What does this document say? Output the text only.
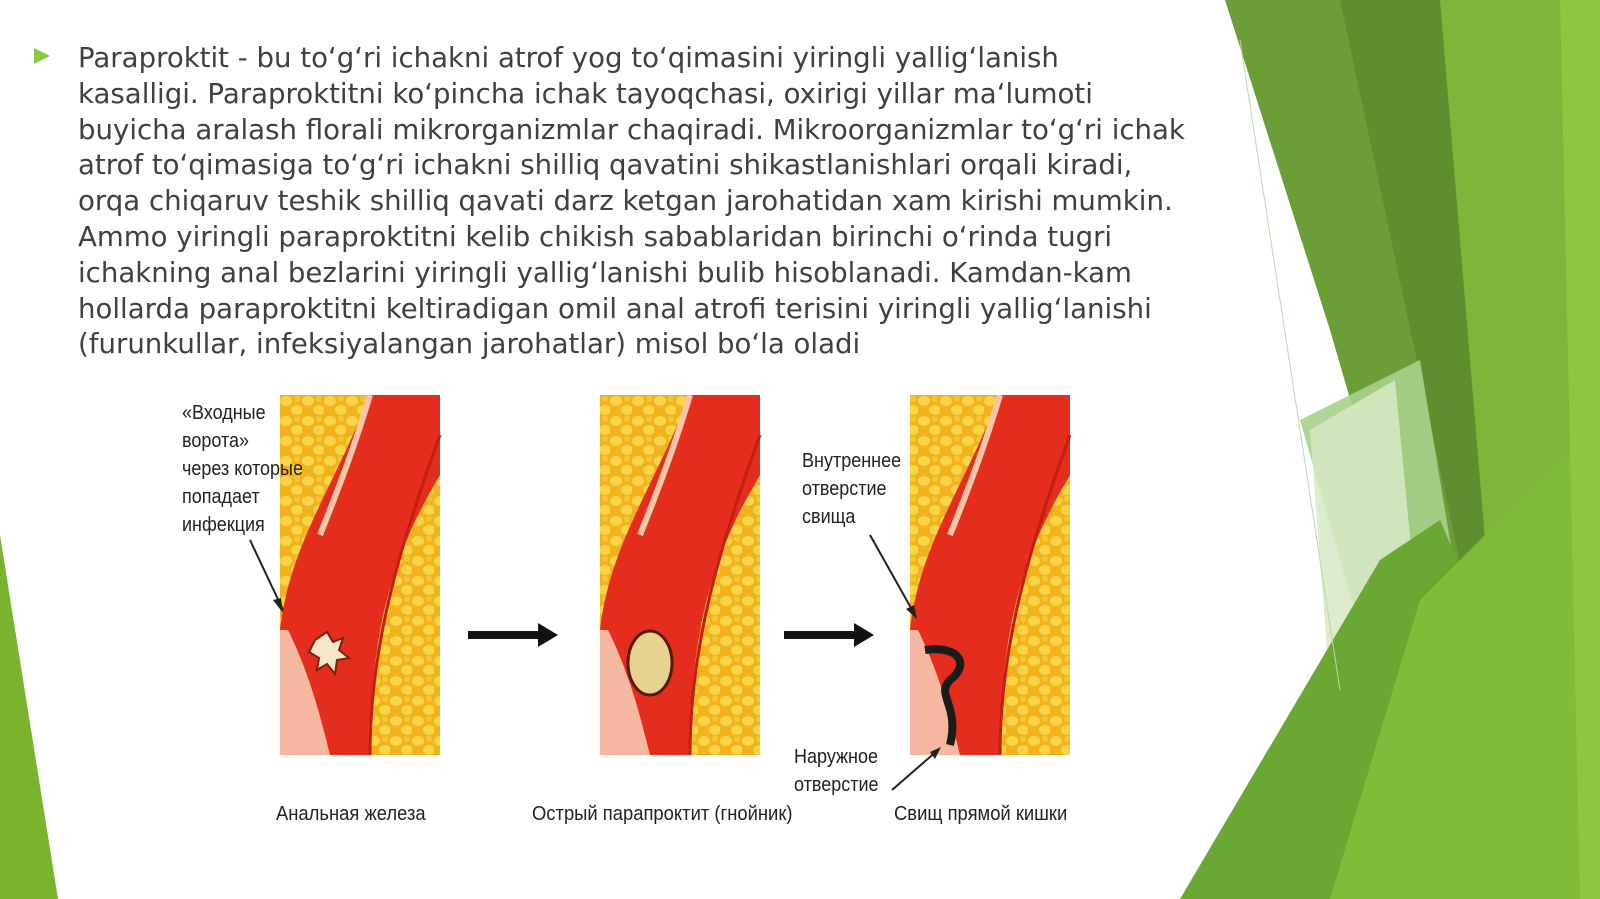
Paraproktit - bu toʻgʻri ichakni atrof yog toʻqimasini yiringli yalligʻlanish kasalligi. Paraproktitni koʻpincha ichak tayoqchasi, oxirigi yillar maʻlumoti buyicha aralash florali mikrorganizmlar chaqiradi. Mikroorganizmlar toʻgʻri ichak atrof toʻqimasiga toʻgʻri ichakni shilliq qavatini shikastlanishlari orqali kiradi, orqa chiqaruv teshik shilliq qavati darz ketgan jarohatidan xam kirishi mumkin. Ammo yiringli paraproktitni kelib chikish sabablaridan birinchi oʻrinda tugri ichakning anal bezlarini yiringli yalligʻlanishi bulib hisoblanadi. Kamdan-kam hollarda paraproktitni keltiradigan omil anal atrofi terisini yiringli yalligʻlanishi (furunkullar, infeksiyalangan jarohatlar) misol boʻla oladi

«Входные
ворота»
через которые
попадает
инфекция
Внутреннее
отверстие
свища
Наружное
отверстие
Анальная железа	Острый парапроктит (гнойник)	Свищ прямой кишки
